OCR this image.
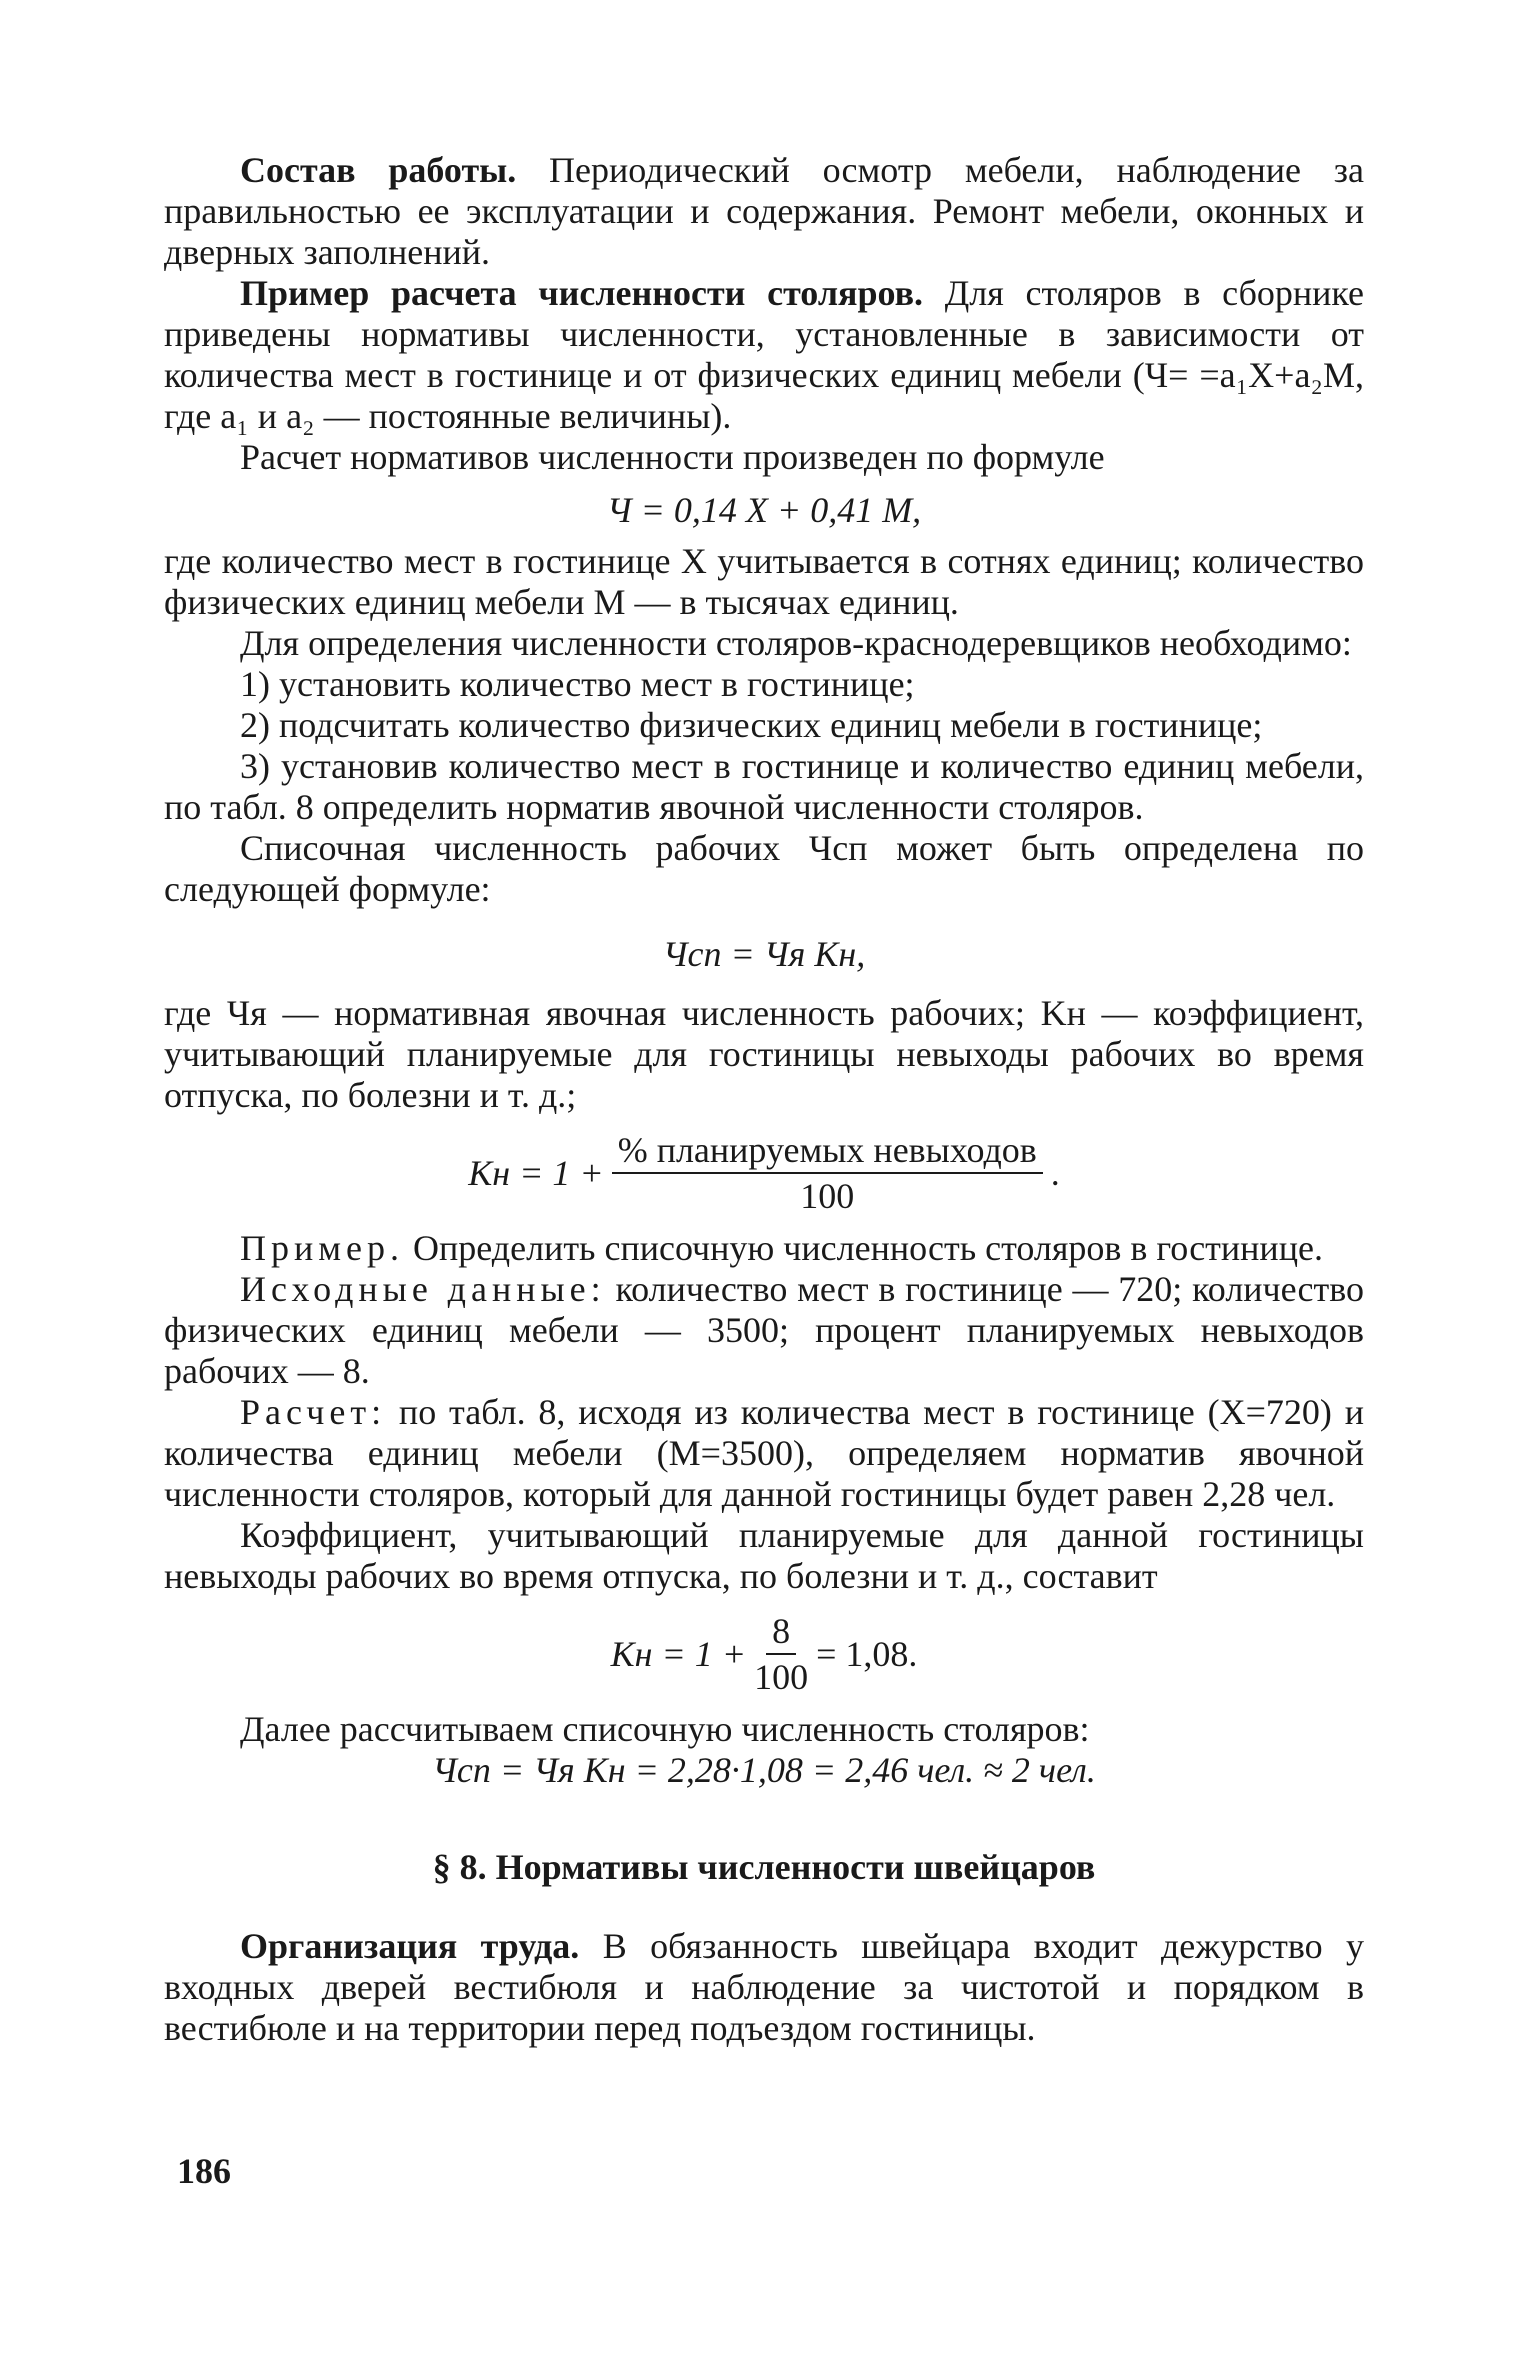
Состав работы. Периодический осмотр мебели, наблюдение за правильностью ее эксплуатации и содержания. Ремонт мебели, оконных и дверных заполнений.

Пример расчета численности столяров. Для столяров в сборнике приведены нормативы численности, установленные в зависимости от количества мест в гостинице и от физических единиц мебели (Ч= =a₁X+a₂M, где a₁ и a₂ — постоянные величины).

Расчет нормативов численности произведен по формуле

Ч = 0,14 X + 0,41 M,

где количество мест в гостинице X учитывается в сотнях единиц; количество физических единиц мебели M — в тысячах единиц.

Для определения численности столяров-краснодеревщиков необходимо:

1) установить количество мест в гостинице;

2) подсчитать количество физических единиц мебели в гостинице;

3) установив количество мест в гостинице и количество единиц мебели, по табл. 8 определить норматив явочной численности столяров.

Списочная численность рабочих Чсп может быть определена по следующей формуле:

Чсп = Чя Kн,

где Чя — нормативная явочная численность рабочих; Kн — коэффициент, учитывающий планируемые для гостиницы невыходы рабочих во время отпуска, по болезни и т. д.;

Kн = $1 + \frac{\text{\% планируемых невыходов}}{100}$ .

Пример. Определить списочную численность столяров в гостинице.

Исходные данные: количество мест в гостинице — 720; количество физических единиц мебели — 3500; процент планируемых невыходов рабочих — 8.

Расчет: по табл. 8, исходя из количества мест в гостинице (X=720) и количества единиц мебели (M=3500), определяем норматив явочной численности столяров, который для данной гостиницы будет равен 2,28 чел.

Коэффициент, учитывающий планируемые для данной гостиницы невыходы рабочих во время отпуска, по болезни и т. д., составит

Kн = $1 + \frac{8}{100} = 1,08$.

Далее рассчитываем списочную численность столяров:

Чсп = Чя Kн = 2,28·1,08 = 2,46 чел. ≈ 2 чел.

§ 8. Нормативы численности швейцаров

Организация труда. В обязанность швейцара входит дежурство у входных дверей вестибюля и наблюдение за чистотой и порядком в вестибюле и на территории перед подъездом гостиницы.

186
